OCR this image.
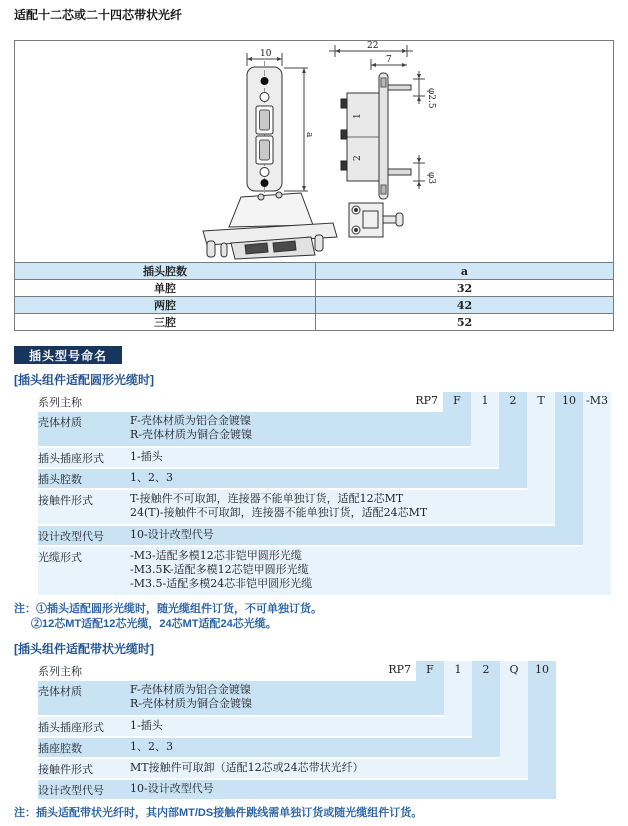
适配十二芯或二十四芯带状光纤
10
a
22
7
φ2.5
φ3
1
2
插头腔数	a
单腔	32
两腔	42
三腔	52
插头型号命名
[插头组件适配圆形光缆时]
RP7	F	1	2	T	10 -M3
系列主称
壳体材质	F-壳体材质为铝合金镀镍
R-壳体材质为铜合金镀镍
插头插座形式	1-插头
插头腔数	1、2、3
接触件形式	T-接触件不可取卸，连接器不能单独订货，适配12芯MT
24(T)-接触件不可取卸，连接器不能单独订货，适配24芯MT
设计改型代号	10-设计改型代号
光缆形式	-M3-适配多模12芯非铠甲圆形光缆
-M3.5K-适配多模12芯铠甲圆形光缆
-M3.5-适配多模24芯非铠甲圆形光缆
注：①插头适配圆形光缆时，随光缆组件订货，不可单独订货。
②12芯MT适配12芯光缆，24芯MT适配24芯光缆。
[插头组件适配带状光缆时]
RP7	F	1	2	Q	10
系列主称
壳体材质	F-壳体材质为铝合金镀镍
R-壳体材质为铜合金镀镍
插头插座形式	1-插头
插座腔数	1、2、3
接触件形式	MT接触件可取卸（适配12芯或24芯带状光纤）
设计改型代号	10-设计改型代号
注：插头适配带状光纤时，其内部MT/DS接触件跳线需单独订货或随光缆组件订货。
